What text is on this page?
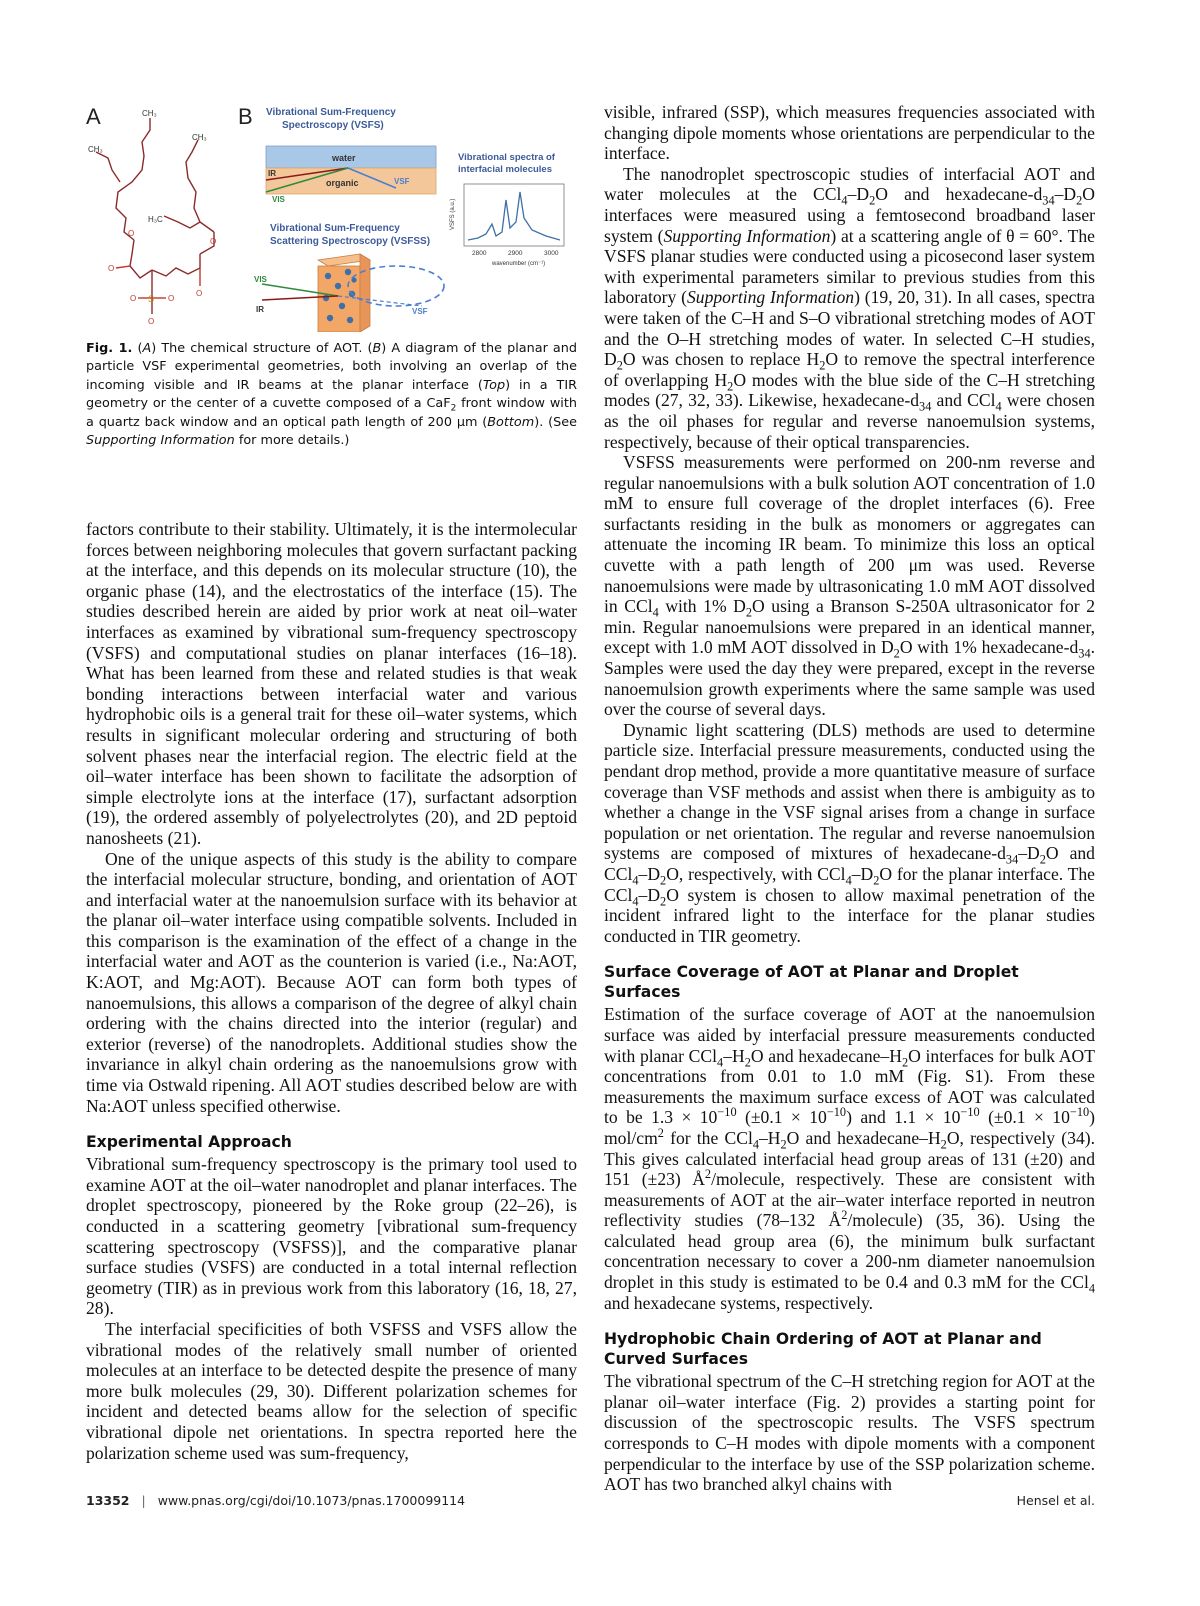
A	CH₃
CH₃
CH₃
H₃C
O
O
O
O
O	O
O
S
B Vibrational Sum-Frequency
Spectroscopy (VSFS)
water
organic
IR
VIS
VSF
Vibrational spectra of
interfacial molecules
VSFS (a.u.)
2800	2900	3000
wavenumber (cm⁻¹)
Vibrational Sum-Frequency
Scattering Spectroscopy (VSFSS)
VIS
IR	VSF
Fig. 1. (A) The chemical structure of AOT. (B) A diagram of the planar and particle VSF experimental geometries, both involving an overlap of the incoming visible and IR beams at the planar interface (Top) in a TIR geometry or the center of a cuvette composed of a CaF$_2$ front window with a quartz back window and an optical path length of 200 μm (Bottom). (See Supporting Information for more details.)

factors contribute to their stability. Ultimately, it is the intermolecular forces between neighboring molecules that govern surfactant packing at the interface, and this depends on its molecular structure (10), the organic phase (14), and the electrostatics of the interface (15). The studies described herein are aided by prior work at neat oil–water interfaces as examined by vibrational sum-frequency spectroscopy (VSFS) and computational studies on planar interfaces (16–18). What has been learned from these and related studies is that weak bonding interactions between interfacial water and various hydrophobic oils is a general trait for these oil–water systems, which results in significant molecular ordering and structuring of both solvent phases near the interfacial region. The electric field at the oil–water interface has been shown to facilitate the adsorption of simple electrolyte ions at the interface (17), surfactant adsorption (19), the ordered assembly of polyelectrolytes (20), and 2D peptoid nanosheets (21).

One of the unique aspects of this study is the ability to compare the interfacial molecular structure, bonding, and orientation of AOT and interfacial water at the nanoemulsion surface with its behavior at the planar oil–water interface using compatible solvents. Included in this comparison is the examination of the effect of a change in the interfacial water and AOT as the counterion is varied (i.e., Na:AOT, K:AOT, and Mg:AOT). Because AOT can form both types of nanoemulsions, this allows a comparison of the degree of alkyl chain ordering with the chains directed into the interior (regular) and exterior (reverse) of the nanodroplets. Additional studies show the invariance in alkyl chain ordering as the nanoemulsions grow with time via Ostwald ripening. All AOT studies described below are with Na:AOT unless specified otherwise.

Experimental Approach

Vibrational sum-frequency spectroscopy is the primary tool used to examine AOT at the oil–water nanodroplet and planar interfaces. The droplet spectroscopy, pioneered by the Roke group (22–26), is conducted in a scattering geometry [vibrational sum-frequency scattering spectroscopy (VSFSS)], and the comparative planar surface studies (VSFS) are conducted in a total internal reflection geometry (TIR) as in previous work from this laboratory (16, 18, 27, 28).

The interfacial specificities of both VSFSS and VSFS allow the vibrational modes of the relatively small number of oriented molecules at an interface to be detected despite the presence of many more bulk molecules (29, 30). Different polarization schemes for incident and detected beams allow for the selection of specific vibrational dipole net orientations. In spectra reported here the polarization scheme used was sum-frequency,

visible, infrared (SSP), which measures frequencies associated with changing dipole moments whose orientations are perpendicular to the interface.

The nanodroplet spectroscopic studies of interfacial AOT and water molecules at the $CCl_4-D_2O$ and hexadecane-$d_{34}-D_2O$ interfaces were measured using a femtosecond broadband laser system (Supporting Information) at a scattering angle of θ = 60°. The VSFS planar studies were conducted using a picosecond laser system with experimental parameters similar to previous studies from this laboratory (Supporting Information) (19, 20, 31). In all cases, spectra were taken of the C–H and S–O vibrational stretching modes of AOT and the O–H stretching modes of water. In selected C–H studies, $D_2O$ was chosen to replace $H_2O$ to remove the spectral interference of overlapping $H_2O$ modes with the blue side of the C–H stretching modes (27, 32, 33). Likewise, hexadecane-$d_{34}$ and CCl$_4$ were chosen as the oil phases for regular and reverse nanoemulsion systems, respectively, because of their optical transparencies.

VSFSS measurements were performed on 200-nm reverse and regular nanoemulsions with a bulk solution AOT concentration of 1.0 mM to ensure full coverage of the droplet interfaces (6). Free surfactants residing in the bulk as monomers or aggregates can attenuate the incoming IR beam. To minimize this loss an optical cuvette with a path length of 200 μm was used. Reverse nanoemulsions were made by ultrasonicating 1.0 mM AOT dissolved in CCl$_4$ with 1% $D_2O$ using a Branson S-250A ultrasonicator for 2 min. Regular nanoemulsions were prepared in an identical manner, except with 1.0 mM AOT dissolved in $D_2O$ with 1% hexadecane-$d_{34}$. Samples were used the day they were prepared, except in the reverse nanoemulsion growth experiments where the same sample was used over the course of several days.

Dynamic light scattering (DLS) methods are used to determine particle size. Interfacial pressure measurements, conducted using the pendant drop method, provide a more quantitative measure of surface coverage than VSF methods and assist when there is ambiguity as to whether a change in the VSF signal arises from a change in surface population or net orientation. The regular and reverse nanoemulsion systems are composed of mixtures of hexadecane-$d_{34}-D_2O$ and $CCl_4-D_2O$, respectively, with $CCl_4-D_2O$ for the planar interface. The $CCl_4-D_2O$ system is chosen to allow maximal penetration of the incident infrared light to the interface for the planar studies conducted in TIR geometry.

Surface Coverage of AOT at Planar and Droplet Surfaces

Estimation of the surface coverage of AOT at the nanoemulsion surface was aided by interfacial pressure measurements conducted with planar $CCl_4-H_2O$ and hexadecane–$H_2O$ interfaces for bulk AOT concentrations from 0.01 to 1.0 mM (Fig. S1). From these measurements the maximum surface excess of AOT was calculated to be $1.3 \times 10^{-10}$ $(\pm 0.1 \times 10^{-10})$ and $1.1 \times 10^{-10}$ $(\pm 0.1 \times 10^{-10})$ mol/$cm^2$ for the $CCl_4-H_2O$ and hexadecane–$H_2O$, respectively (34). This gives calculated interfacial head group areas of 131 (±20) and 151 (±23) $Å^2$/molecule, respectively. These are consistent with measurements of AOT at the air–water interface reported in neutron reflectivity studies (78–132 $Å^2/molecule$) (35, 36). Using the calculated head group area (6), the minimum bulk surfactant concentration necessary to cover a 200-nm diameter nanoemulsion droplet in this study is estimated to be 0.4 and 0.3 mM for the CCl$_4$ and hexadecane systems, respectively.

Hydrophobic Chain Ordering of AOT at Planar and Curved Surfaces

The vibrational spectrum of the C–H stretching region for AOT at the planar oil–water interface (Fig. 2) provides a starting point for discussion of the spectroscopic results. The VSFS spectrum corresponds to C–H modes with dipole moments with a component perpendicular to the interface by use of the SSP polarization scheme. AOT has two branched alkyl chains with

13352 | www.pnas.org/cgi/doi/10.1073/pnas.1700099114	Hensel et al.
